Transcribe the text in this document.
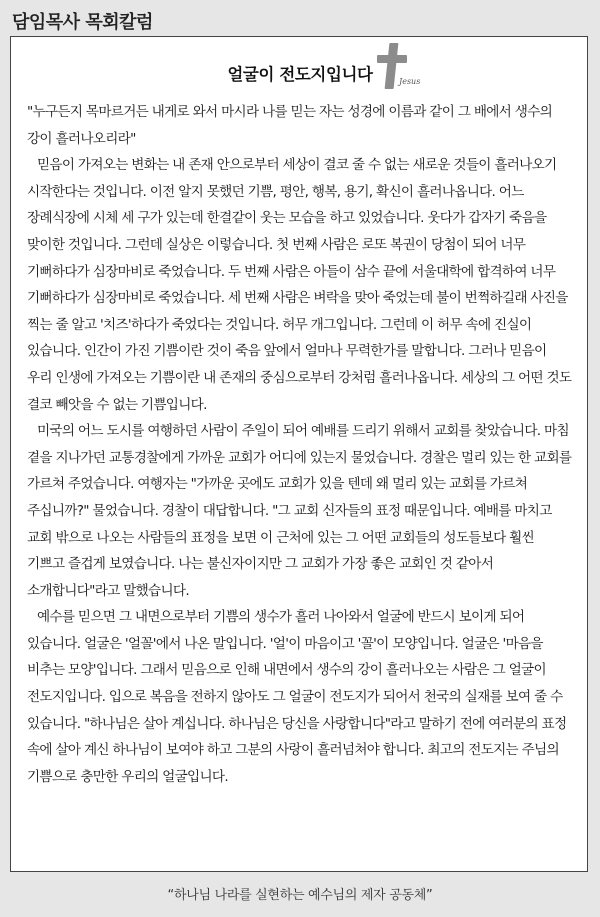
담임목사 목회칼럼
얼굴이 전도지입니다	Jesus

"누구든지 목마르거든 내게로 와서 마시라 나를 믿는 자는 성경에 이름과 같이 그 배에서 생수의 강이 흘러나오리라"

믿음이 가져오는 변화는 내 존재 안으로부터 세상이 결코 줄 수 없는 새로운 것들이 흘러나오기 시작한다는 것입니다. 이전 알지 못했던 기쁨, 평안, 행복, 용기, 확신이 흘러나옵니다. 어느 장례식장에 시체 세 구가 있는데 한결같이 웃는 모습을 하고 있었습니다. 웃다가 갑자기 죽음을 맞이한 것입니다. 그런데 실상은 이렇습니다. 첫 번째 사람은 로또 복권이 당첨이 되어 너무 기뻐하다가 심장마비로 죽었습니다. 두 번째 사람은 아들이 삼수 끝에 서울대학에 합격하여 너무 기뻐하다가 심장마비로 죽었습니다. 세 번째 사람은 벼락을 맞아 죽었는데 불이 번쩍하길래 사진을 찍는 줄 알고 '치즈'하다가 죽었다는 것입니다. 허무 개그입니다. 그런데 이 허무 속에 진실이 있습니다. 인간이 가진 기쁨이란 것이 죽음 앞에서 얼마나 무력한가를 말합니다. 그러나 믿음이 우리 인생에 가져오는 기쁨이란 내 존재의 중심으로부터 강처럼 흘러나옵니다. 세상의 그 어떤 것도 결코 빼앗을 수 없는 기쁨입니다.

미국의 어느 도시를 여행하던 사람이 주일이 되어 예배를 드리기 위해서 교회를 찾았습니다. 마침 곁을 지나가던 교통경찰에게 가까운 교회가 어디에 있는지 물었습니다. 경찰은 멀리 있는 한 교회를 가르쳐 주었습니다. 여행자는 "가까운 곳에도 교회가 있을 텐데 왜 멀리 있는 교회를 가르쳐 주십니까?" 물었습니다. 경찰이 대답합니다. "그 교회 신자들의 표정 때문입니다. 예배를 마치고 교회 밖으로 나오는 사람들의 표정을 보면 이 근처에 있는 그 어떤 교회들의 성도들보다 훨씬 기쁘고 즐겁게 보였습니다. 나는 불신자이지만 그 교회가 가장 좋은 교회인 것 같아서 소개합니다"라고 말했습니다.

예수를 믿으면 그 내면으로부터 기쁨의 생수가 흘러 나아와서 얼굴에 반드시 보이게 되어 있습니다. 얼굴은 '얼꼴'에서 나온 말입니다. '얼'이 마음이고 '꼴'이 모양입니다. 얼굴은 '마음을 비추는 모양'입니다. 그래서 믿음으로 인해 내면에서 생수의 강이 흘러나오는 사람은 그 얼굴이 전도지입니다. 입으로 복음을 전하지 않아도 그 얼굴이 전도지가 되어서 천국의 실재를 보여 줄 수 있습니다. "하나님은 살아 계십니다. 하나님은 당신을 사랑합니다"라고 말하기 전에 여러분의 표정 속에 살아 계신 하나님이 보여야 하고 그분의 사랑이 흘러넘쳐야 합니다. 최고의 전도지는 주님의 기쁨으로 충만한 우리의 얼굴입니다.

“하나님 나라를 실현하는 예수님의 제자 공동체”
